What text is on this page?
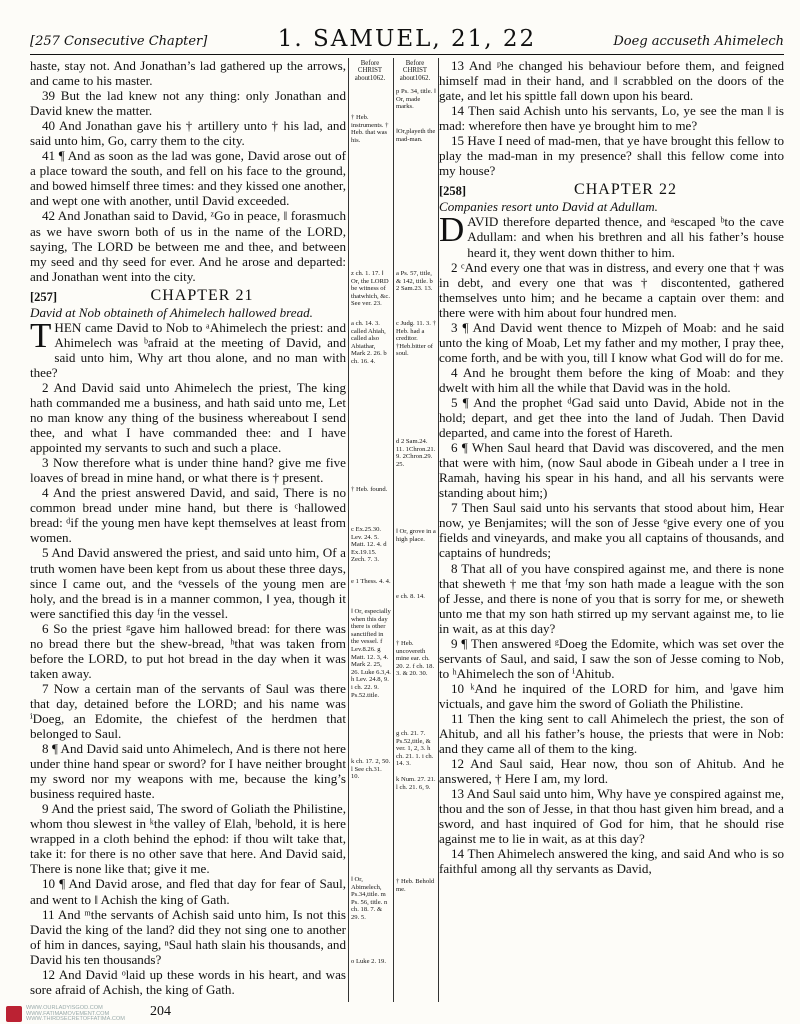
[257 Consecutive Chapter]	1. SAMUEL, 21, 22	Doeg accuseth Ahimelech

haste, stay not. And Jonathan’s lad gathered up the arrows, and came to his master.

39 But the lad knew not any thing: only Jonathan and David knew the matter.

40 And Jonathan gave his † artillery unto † his lad, and said unto him, Go, carry them to the city.

41 ¶ And as soon as the lad was gone, David arose out of a place toward the south, and fell on his face to the ground, and bowed himself three times: and they kissed one another, and wept one with another, until David exceeded.

42 And Jonathan said to David, ᶻGo in peace, ‖ forasmuch as we have sworn both of us in the name of the LORD, saying, The LORD be between me and thee, and between my seed and thy seed for ever. And he arose and departed: and Jonathan went into the city.

[257]	CHAPTER 21

David at Nob obtaineth of Ahimelech hallowed bread.

THEN came David to Nob to ᵃAhimelech the priest: and Ahimelech was ᵇafraid at the meeting of David, and said unto him, Why art thou alone, and no man with thee?

2 And David said unto Ahimelech the priest, The king hath commanded me a business, and hath said unto me, Let no man know any thing of the business whereabout I send thee, and what I have commanded thee: and I have appointed my servants to such and such a place.

3 Now therefore what is under thine hand? give me five loaves of bread in mine hand, or what there is † present.

4 And the priest answered David, and said, There is no common bread under mine hand, but there is ᶜhallowed bread: ᵈif the young men have kept themselves at least from women.

5 And David answered the priest, and said unto him, Of a truth women have been kept from us about these three days, since I came out, and the ᵉvessels of the young men are holy, and the bread is in a manner common, ‖ yea, though it were sanctified this day ᶠin the vessel.

6 So the priest ᵍgave him hallowed bread: for there was no bread there but the shew-bread, ʰthat was taken from before the LORD, to put hot bread in the day when it was taken away.

7 Now a certain man of the servants of Saul was there that day, detained before the LORD; and his name was ⁱDoeg, an Edomite, the chiefest of the herdmen that belonged to Saul.

8 ¶ And David said unto Ahimelech, And is there not here under thine hand spear or sword? for I have neither brought my sword nor my weapons with me, because the king’s business required haste.

9 And the priest said, The sword of Goliath the Philistine, whom thou slewest in ᵏthe valley of Elah, ˡbehold, it is here wrapped in a cloth behind the ephod: if thou wilt take that, take it: for there is no other save that here. And David said, There is none like that; give it me.

10 ¶ And David arose, and fled that day for fear of Saul, and went to ‖ Achish the king of Gath.

11 And ᵐthe servants of Achish said unto him, Is not this David the king of the land? did they not sing one to another of him in dances, saying, ⁿSaul hath slain his thousands, and David his ten thousands?

12 And David ᵒlaid up these words in his heart, and was sore afraid of Achish, the king of Gath.

Before CHRIST about1062.
† Heb. instruments. † Heb. that was his.
z ch. 1. 17. ‖ Or, the LORD be witness of thatwhich, &c. See ver. 23.
a ch. 14. 3. called Ahiah, called also Abiathar, Mark 2. 26. b ch. 16. 4.
† Heb. found.
c Ex.25.30. Lev. 24. 5. Matt. 12. 4. d Ex.19.15. Zech. 7. 3.
e 1 Thess. 4. 4.
‖ Or, especially when this day there is other sanctified in the vessel. f Lev.8.26. g Matt. 12. 3, 4. Mark 2. 25, 26. Luke 6.3,4. h Lev. 24.8, 9. i ch. 22. 9. Ps.52.title.
k ch. 17. 2, 50. l See ch.31. 10.
‖ Or, Abimelech, Ps.34,title. m Ps. 56, title. n ch. 18. 7. & 29. 5.
o Luke 2. 19.
Before CHRIST about1062.
p Ps. 34, title. ‖ Or, made marks.
‖Or,playeth the mad-man.
a Ps. 57, title, & 142, title. b 2 Sam.23. 13.
c Judg. 11. 3. † Heb. had a creditor. †Heb.bitter of soul.
d 2 Sam.24. 11. 1Chron.21. 9. 2Chron.29. 25.
‖ Or, grove in a high place.
e ch. 8. 14.
† Heb. uncovereth mine ear. ch. 20. 2. f ch. 18. 3. & 20. 30.
g ch. 21. 7. Ps.52,title, & ver. 1, 2, 3. h ch. 21. 1. i ch. 14. 3.
k Num. 27. 21. l ch. 21. 6, 9.
† Heb. Behold me.

13 And ᵖhe changed his behaviour before them, and feigned himself mad in their hand, and ‖ scrabbled on the doors of the gate, and let his spittle fall down upon his beard.

14 Then said Achish unto his servants, Lo, ye see the man ‖ is mad: wherefore then have ye brought him to me?

15 Have I need of mad-men, that ye have brought this fellow to play the mad-man in my presence? shall this fellow come into my house?

[258]	CHAPTER 22

Companies resort unto David at Adullam.

DAVID therefore departed thence, and ᵃescaped ᵇto the cave Adullam: and when his brethren and all his father’s house heard it, they went down thither to him.

2 ᶜAnd every one that was in distress, and every one that † was in debt, and every one that was † discontented, gathered themselves unto him; and he became a captain over them: and there were with him about four hundred men.

3 ¶ And David went thence to Mizpeh of Moab: and he said unto the king of Moab, Let my father and my mother, I pray thee, come forth, and be with you, till I know what God will do for me.

4 And he brought them before the king of Moab: and they dwelt with him all the while that David was in the hold.

5 ¶ And the prophet ᵈGad said unto David, Abide not in the hold; depart, and get thee into the land of Judah. Then David departed, and came into the forest of Hareth.

6 ¶ When Saul heard that David was discovered, and the men that were with him, (now Saul abode in Gibeah under a ‖ tree in Ramah, having his spear in his hand, and all his servants were standing about him;)

7 Then Saul said unto his servants that stood about him, Hear now, ye Benjamites; will the son of Jesse ᵉgive every one of you fields and vineyards, and make you all captains of thousands, and captains of hundreds;

8 That all of you have conspired against me, and there is none that sheweth † me that ᶠmy son hath made a league with the son of Jesse, and there is none of you that is sorry for me, or sheweth unto me that my son hath stirred up my servant against me, to lie in wait, as at this day?

9 ¶ Then answered ᵍDoeg the Edomite, which was set over the servants of Saul, and said, I saw the son of Jesse coming to Nob, to ʰAhimelech the son of ⁱAhitub.

10 ᵏAnd he inquired of the LORD for him, and ˡgave him victuals, and gave him the sword of Goliath the Philistine.

11 Then the king sent to call Ahimelech the priest, the son of Ahitub, and all his father’s house, the priests that were in Nob: and they came all of them to the king.

12 And Saul said, Hear now, thou son of Ahitub. And he answered, † Here I am, my lord.

13 And Saul said unto him, Why have ye conspired against me, thou and the son of Jesse, in that thou hast given him bread, and a sword, and hast inquired of God for him, that he should rise against me to lie in wait, as at this day?

14 Then Ahimelech answered the king, and said And who is so faithful among all thy servants as David,

WWW.OURLADYISGOD.COM
WWW.FATIMAMOVEMENT.COM
WWW.THIRDSECRETOFFATIMA.COM
204
